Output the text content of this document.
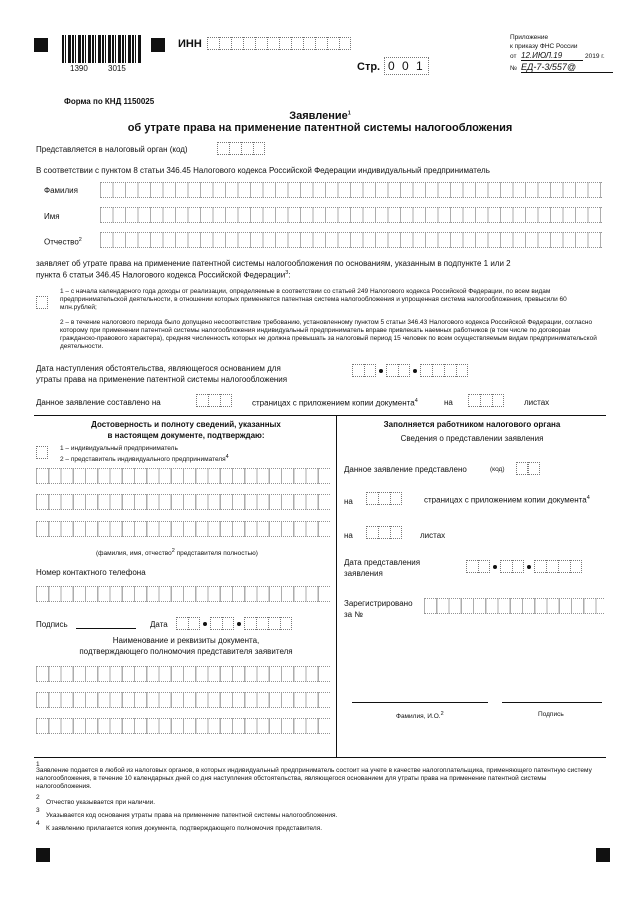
1390	3015
ИНН
Стр. 0 0 1
Приложение
к приказу ФНС России
от 12.ИЮЛ.19	2019 г.
№ ЕД-7-3/557@
Форма по КНД 1150025
Заявление$^1$
об утрате права на применение патентной системы налогообложения
Представляется в налоговый орган (код)
В соответствии с пунктом 8 статьи 346.45 Налогового кодекса Российской Федерации индивидуальный предприниматель
Фамилия
Имя
Отчество$^2$
заявляет об утрате права на применение патентной системы налогообложения по основаниям, указанным в подпункте 1 или 2
пункта 6 статьи 346.45 Налогового кодекса Российской Федерации$^3$:
1 – с начала календарного года доходы от реализации, определяемые в соответствии со статьей 249 Налогового кодекса Российской Федерации, по всем видам предпринимательской деятельности, в отношении которых применяется патентная система налогообложения и упрощенная система налогообложения, превысили 60 млн.рублей;
2 – в течение налогового периода было допущено несоответствие требованию, установленному пунктом 5 статьи 346.43 Налогового кодекса Российской Федерации, согласно которому при применении патентной системы налогообложения индивидуальный предприниматель вправе привлекать наемных работников (в том числе по договорам гражданско-правового характера), средняя численность которых не должна превышать за налоговый период 15 человек по всем осуществляемым видам предпринимательской деятельности.
Дата наступления обстоятельства, являющегося основанием для
утраты права на применение патентной системы налогообложения
Данное заявление составлено на	страницах с приложением копии документа$^4$	на	листах
Достоверность и полноту сведений, указанных
в настоящем документе, подтверждаю:
1 – индивидуальный предприниматель
2 – представитель индивидуального предпринимателя$^4$
(фамилия, имя, отчество$^2$ представителя полностью)
Номер контактного телефона
Подпись	Дата
Наименование и реквизиты документа,
подтверждающего полномочия представителя заявителя
Заполняется работником налогового органа
Сведения о представлении заявления
Данное заявление представлено	(код)
на	страницах с приложением копии документа$^4$
на	листах
Дата представления
заявления
Зарегистрировано
за №
Фамилия, И.О.$^2$	Подпись
1
Заявление подается в любой из налоговых органов, в которых индивидуальный предприниматель состоит на учете в качестве налогоплательщика, применяющего патентную систему налогообложения, в течение 10 календарных дней со дня наступления обстоятельства, являющегося основанием для утраты права на применение патентной системы налогообложения.
2
Отчество указывается при наличии.
3
Указывается код основания утраты права на применение патентной системы налогообложения.
4
К заявлению прилагается копия документа, подтверждающего полномочия представителя.
